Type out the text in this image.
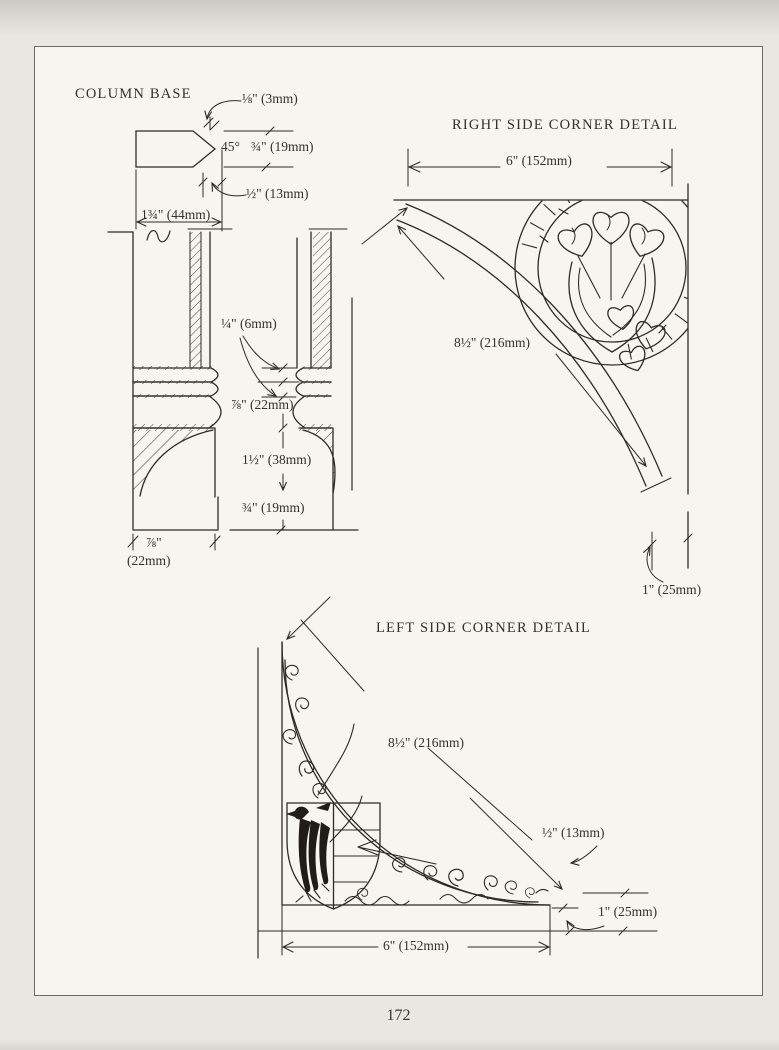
COLUMN BASE	⅛" (3mm)
45° ¾" (19mm)
½" (13mm)
1¾" (44mm)
¼" (6mm)
⅞" (22mm)
1½" (38mm)
¾" (19mm)
⅞"
(22mm)
RIGHT SIDE CORNER DETAIL
6" (152mm)
8½" (216mm)
1" (25mm)
LEFT SIDE CORNER DETAIL
8½" (216mm)
½" (13mm)
1" (25mm)
6" (152mm)
172
